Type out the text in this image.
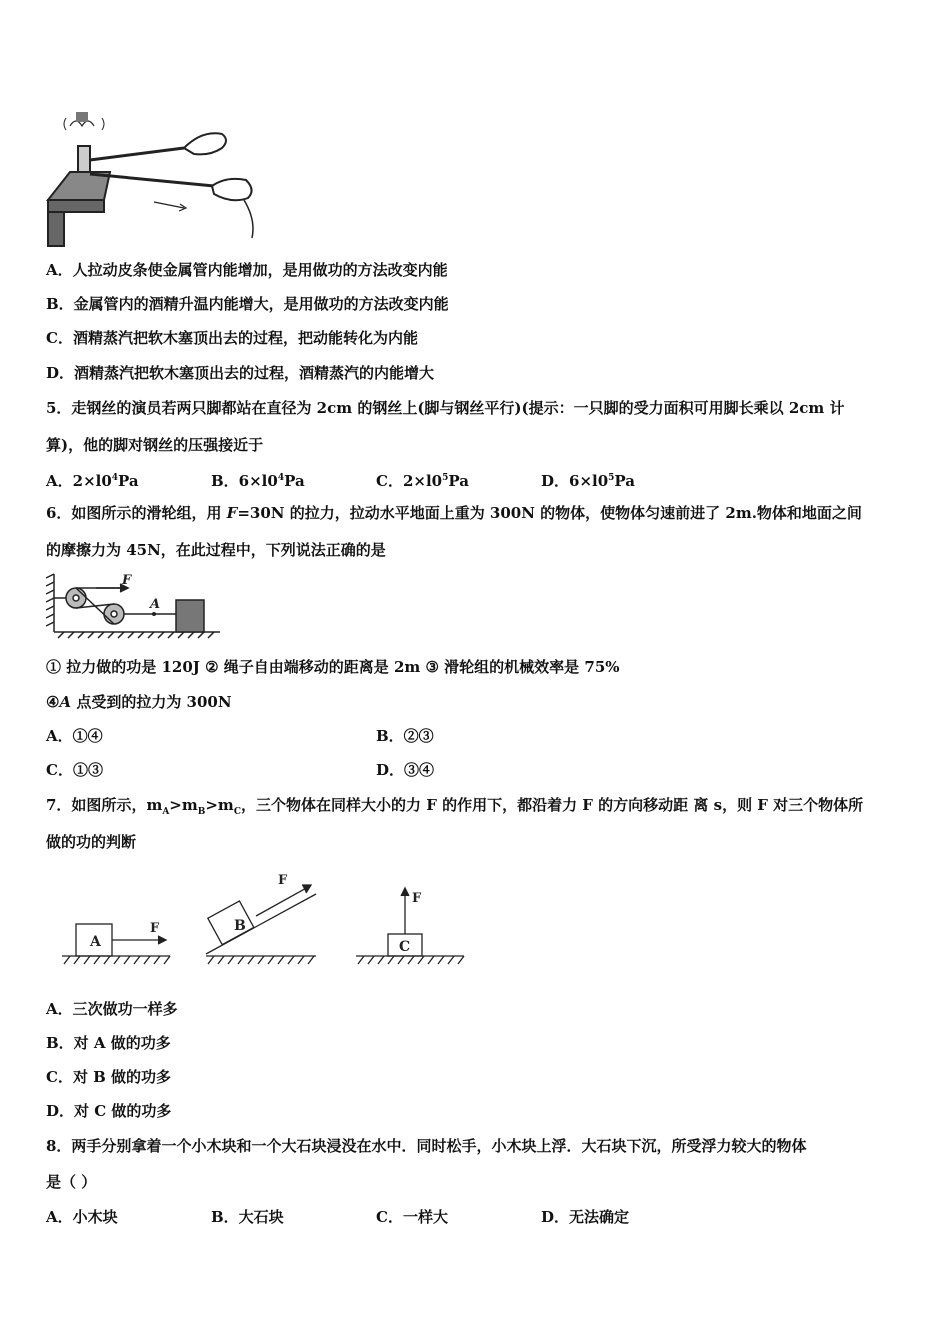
A．人拉动皮条使金属管内能增加，是用做功的方法改变内能
B．金属管内的酒精升温内能增大，是用做功的方法改变内能
C．酒精蒸汽把软木塞顶出去的过程，把动能转化为内能
D．酒精蒸汽把软木塞顶出去的过程，酒精蒸汽的内能增大
5．走钢丝的演员若两只脚都站在直径为 2cm 的钢丝上(脚与钢丝平行)(提示：一只脚的受力面积可用脚长乘以 2cm 计
算)，他的脚对钢丝的压强接近于
A．$2\times l0^4Pa$	B．$6\times l0^4Pa$	C．$2\times l0^5Pa$	D．$6\times l0^5Pa$
6．如图所示的滑轮组，用 F=30N 的拉力，拉动水平地面上重为 300N 的物体，使物体匀速前进了 2m.物体和地面之间
的摩擦力为 45N，在此过程中，下列说法正确的是
F
A
① 拉力做的功是 120J ② 绳子自由端移动的距离是 2m ③ 滑轮组的机械效率是 75%
④A 点受到的拉力为 300N
A．①④	B．②③
C．①③	D．③④
7．如图所示，$m_A>m_B>m_C$，三个物体在同样大小的力 F 的作用下，都沿着力 F 的方向移动距 离 s，则 F 对三个物体所
做的功的判断
A
F	B
F
C
F
A．三次做功一样多
B．对 A 做的功多
C．对 B 做的功多
D．对 C 做的功多
8．两手分别拿着一个小木块和一个大石块浸没在水中．同时松手，小木块上浮．大石块下沉，所受浮力较大的物体
是（ ）
A．小木块	B．大石块	C．一样大	D．无法确定
